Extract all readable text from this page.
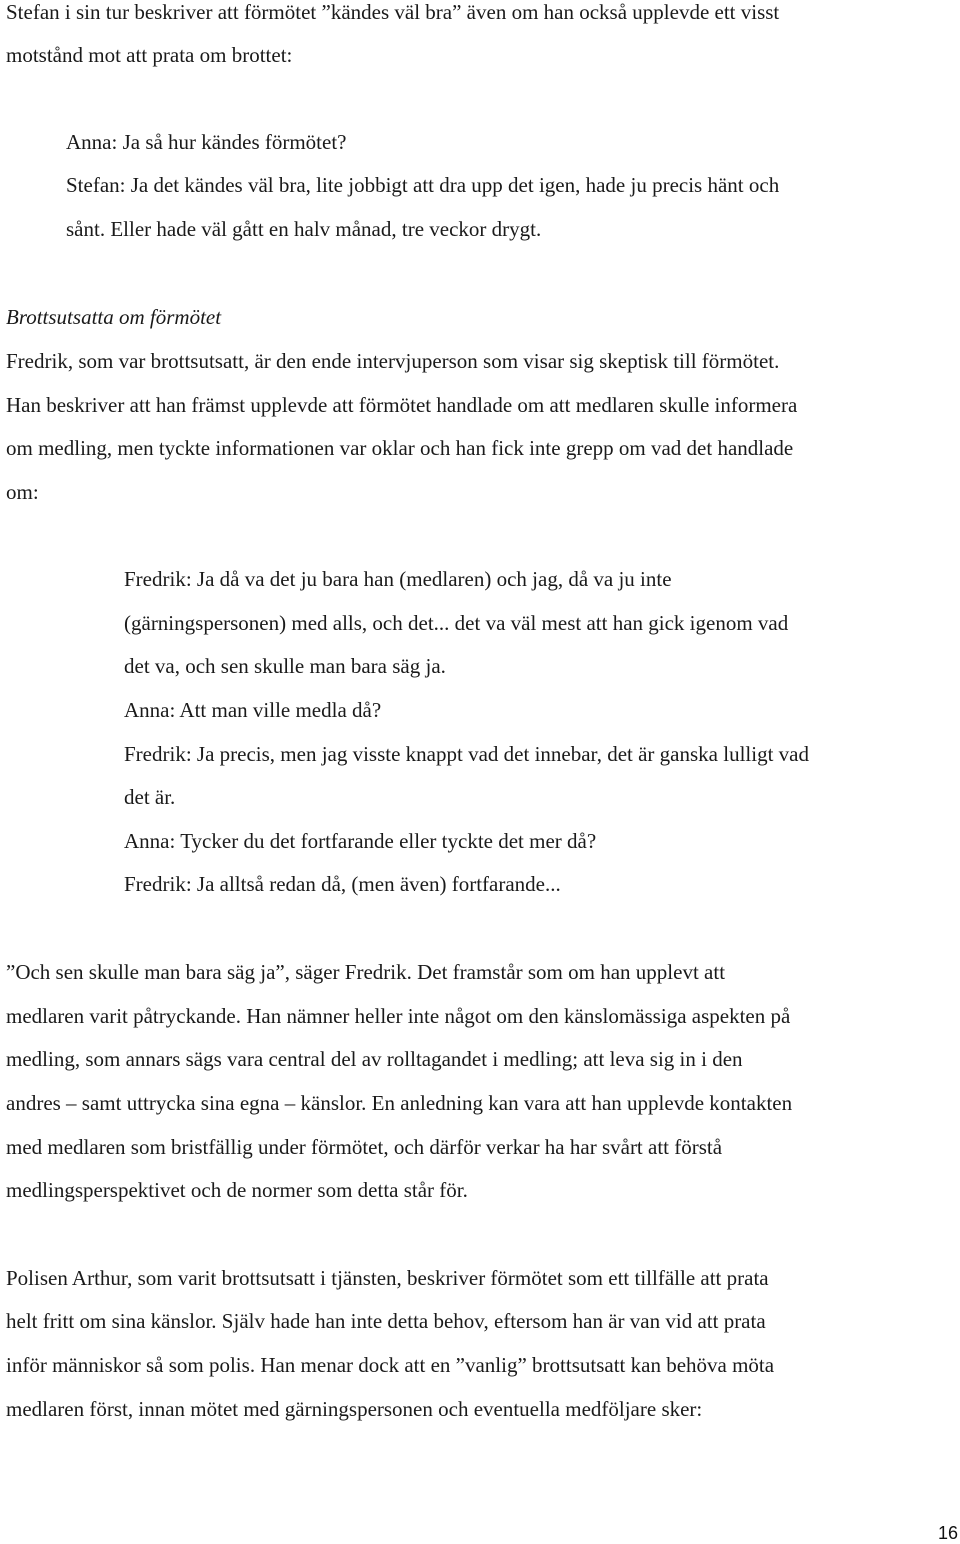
Stefan i sin tur beskriver att förmötet ”kändes väl bra” även om han också upplevde ett visst
motstånd mot att prata om brottet:
Anna: Ja så hur kändes förmötet?
Stefan: Ja det kändes väl bra, lite jobbigt att dra upp det igen, hade ju precis hänt och
sånt. Eller hade väl gått en halv månad, tre veckor drygt.
Brottsutsatta om förmötet
Fredrik, som var brottsutsatt, är den ende intervjuperson som visar sig skeptisk till förmötet.
Han beskriver att han främst upplevde att förmötet handlade om att medlaren skulle informera
om medling, men tyckte informationen var oklar och han fick inte grepp om vad det handlade
om:
Fredrik: Ja då va det ju bara han (medlaren) och jag, då va ju inte
(gärningspersonen) med alls, och det... det va väl mest att han gick igenom vad
det va, och sen skulle man bara säg ja.
Anna: Att man ville medla då?
Fredrik: Ja precis, men jag visste knappt vad det innebar, det är ganska lulligt vad
det är.
Anna: Tycker du det fortfarande eller tyckte det mer då?
Fredrik: Ja alltså redan då, (men även) fortfarande...
”Och sen skulle man bara säg ja”, säger Fredrik. Det framstår som om han upplevt att
medlaren varit påtryckande. Han nämner heller inte något om den känslomässiga aspekten på
medling, som annars sägs vara central del av rolltagandet i medling; att leva sig in i den
andres – samt uttrycka sina egna – känslor. En anledning kan vara att han upplevde kontakten
med medlaren som bristfällig under förmötet, och därför verkar ha har svårt att förstå
medlingsperspektivet och de normer som detta står för.
Polisen Arthur, som varit brottsutsatt i tjänsten, beskriver förmötet som ett tillfälle att prata
helt fritt om sina känslor. Själv hade han inte detta behov, eftersom han är van vid att prata
inför människor så som polis. Han menar dock att en ”vanlig” brottsutsatt kan behöva möta
medlaren först, innan mötet med gärningspersonen och eventuella medföljare sker:
16
